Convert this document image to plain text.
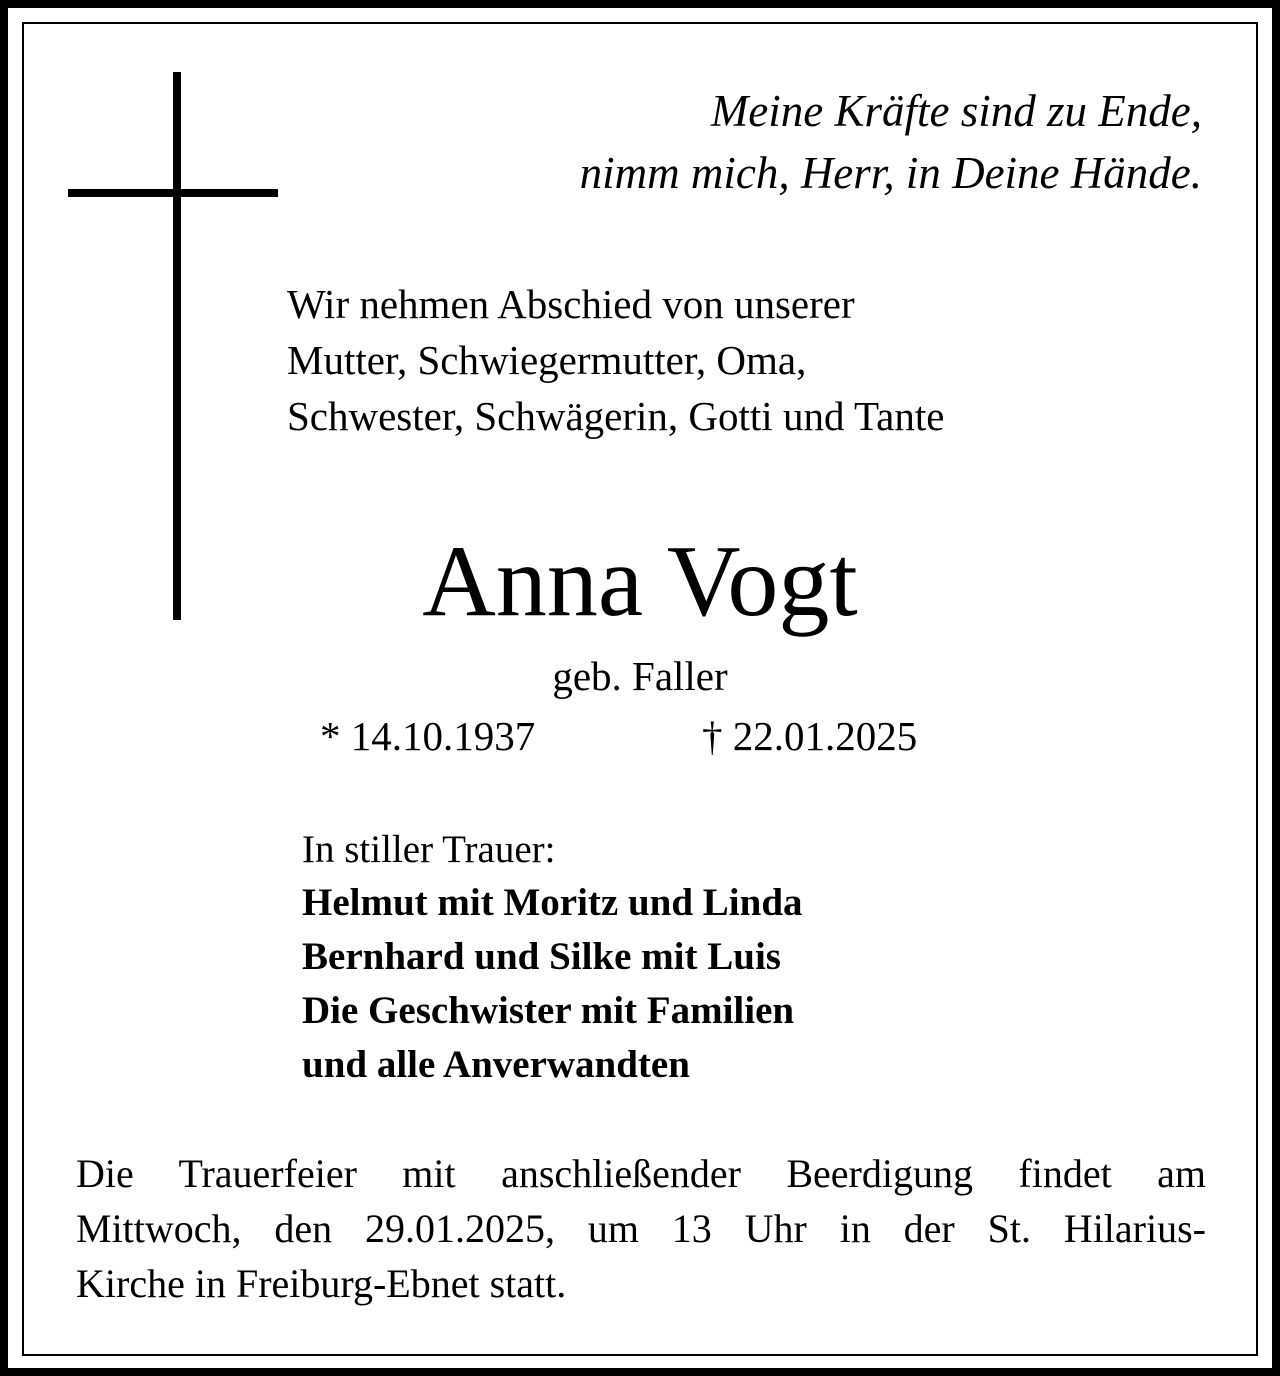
Meine Kräfte sind zu Ende,
nimm mich, Herr, in Deine Hände.
Wir nehmen Abschied von unserer
Mutter, Schwiegermutter, Oma,
Schwester, Schwägerin, Gotti und Tante
Anna Vogt
geb. Faller
* 14.10.1937	† 22.01.2025
In stiller Trauer:
Helmut mit Moritz und Linda
Bernhard und Silke mit Luis
Die Geschwister mit Familien
und alle Anverwandten
Die Trauerfeier mit anschließender Beerdigung findet am
Mittwoch, den 29.01.2025, um 13 Uhr in der St. Hilarius-
Kirche in Freiburg-Ebnet statt.
